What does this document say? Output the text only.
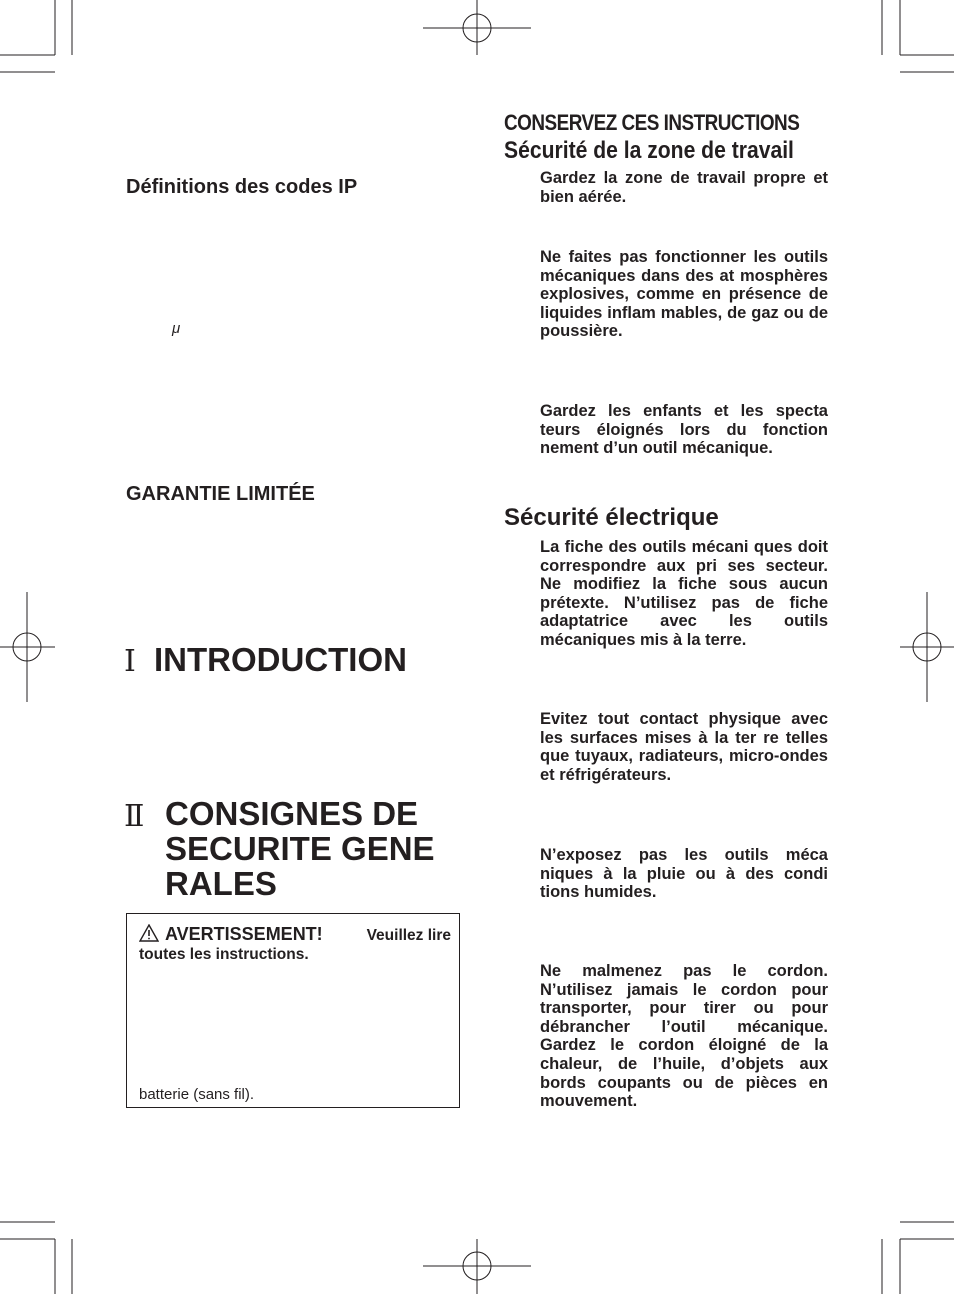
Définitions des codes IP
μ
GARANTIE LIMITÉE
Ⅰ INTRODUCTION
Ⅱ CONSIGNES DE
SECURITE GENE
RALES
AVERTISSEMENT!	Veuillez lire
toutes les instructions.
batterie (sans fil).
CONSERVEZ CES INSTRUCTIONS
Sécurité de la zone de travail
Gardez la zone de travail propre et bien aérée.
Ne faites pas fonctionner les outils mécaniques dans des at mosphères explosives, comme en présence de liquides inflam mables, de gaz ou de poussière.
Gardez les enfants et les specta teurs éloignés lors du fonction nement d’un outil mécanique.
Sécurité électrique
La fiche des outils mécani ques doit correspondre aux pri ses secteur. Ne modifiez la fiche sous aucun prétexte. N’utilisez pas de fiche adaptatrice avec les outils mécaniques mis à la terre.
Evitez tout contact physique avec les surfaces mises à la ter re telles que tuyaux, radiateurs, micro-ondes et réfrigérateurs.
N’exposez pas les outils méca niques à la pluie ou à des condi tions humides.
Ne malmenez pas le cordon. N’utilisez jamais le cordon pour transporter, pour tirer ou pour débrancher l’outil mécanique. Gardez le cordon éloigné de la chaleur, de l’huile, d’objets aux bords coupants ou de pièces en mouvement.
